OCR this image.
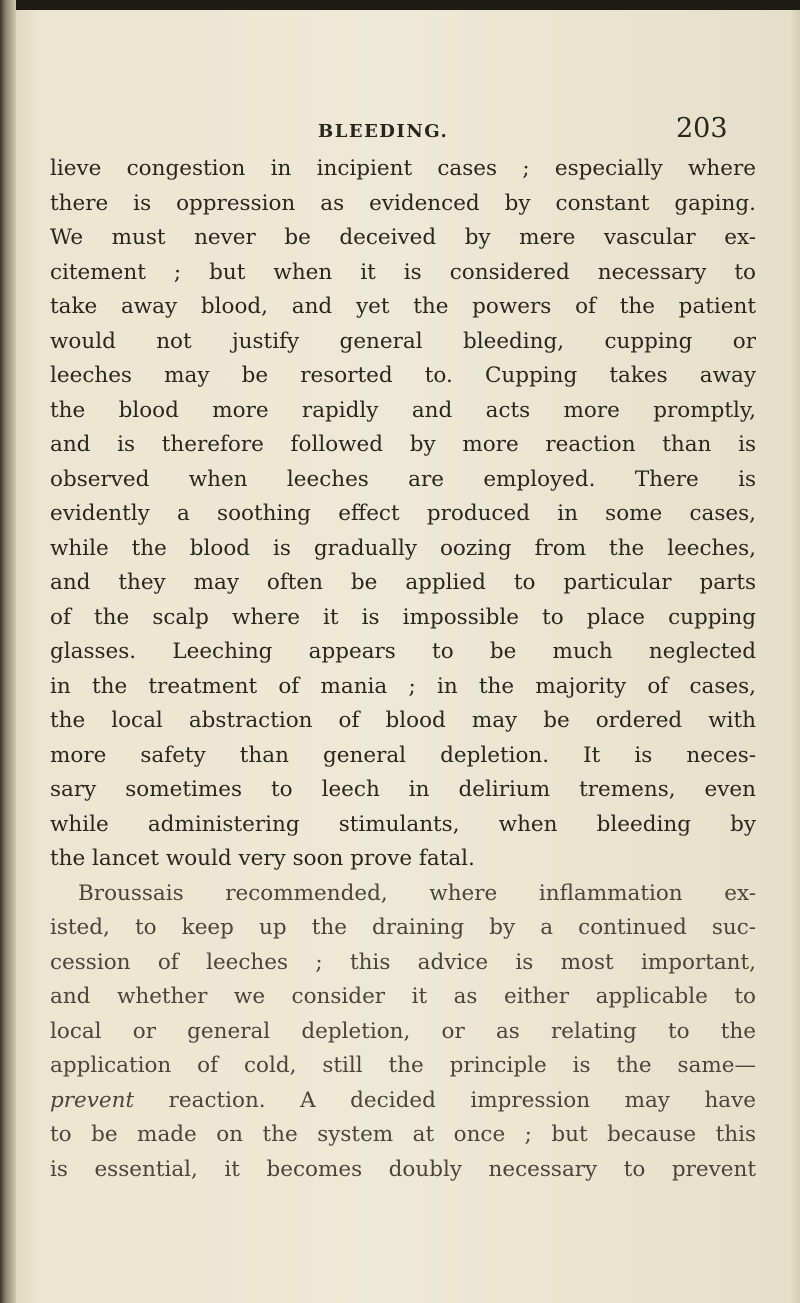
BLEEDING.	203
lieve congestion in incipient cases ; especially where
there is oppression as evidenced by constant gaping.
We must never be deceived by mere vascular ex-
citement ; but when it is considered necessary to
take away blood, and yet the powers of the patient
would not justify general bleeding, cupping or
leeches may be resorted to. Cupping takes away
the blood more rapidly and acts more promptly,
and is therefore followed by more reaction than is
observed when leeches are employed. There is
evidently a soothing effect produced in some cases,
while the blood is gradually oozing from the leeches,
and they may often be applied to particular parts
of the scalp where it is impossible to place cupping
glasses. Leeching appears to be much neglected
in the treatment of mania ; in the majority of cases,
the local abstraction of blood may be ordered with
more safety than general depletion. It is neces-
sary sometimes to leech in delirium tremens, even
while administering stimulants, when bleeding by
the lancet would very soon prove fatal.
Broussais recommended, where inflammation ex-
isted, to keep up the draining by a continued suc-
cession of leeches ; this advice is most important,
and whether we consider it as either applicable to
local or general depletion, or as relating to the
application of cold, still the principle is the same—
prevent reaction. A decided impression may have
to be made on the system at once ; but because this
is essential, it becomes doubly necessary to prevent
